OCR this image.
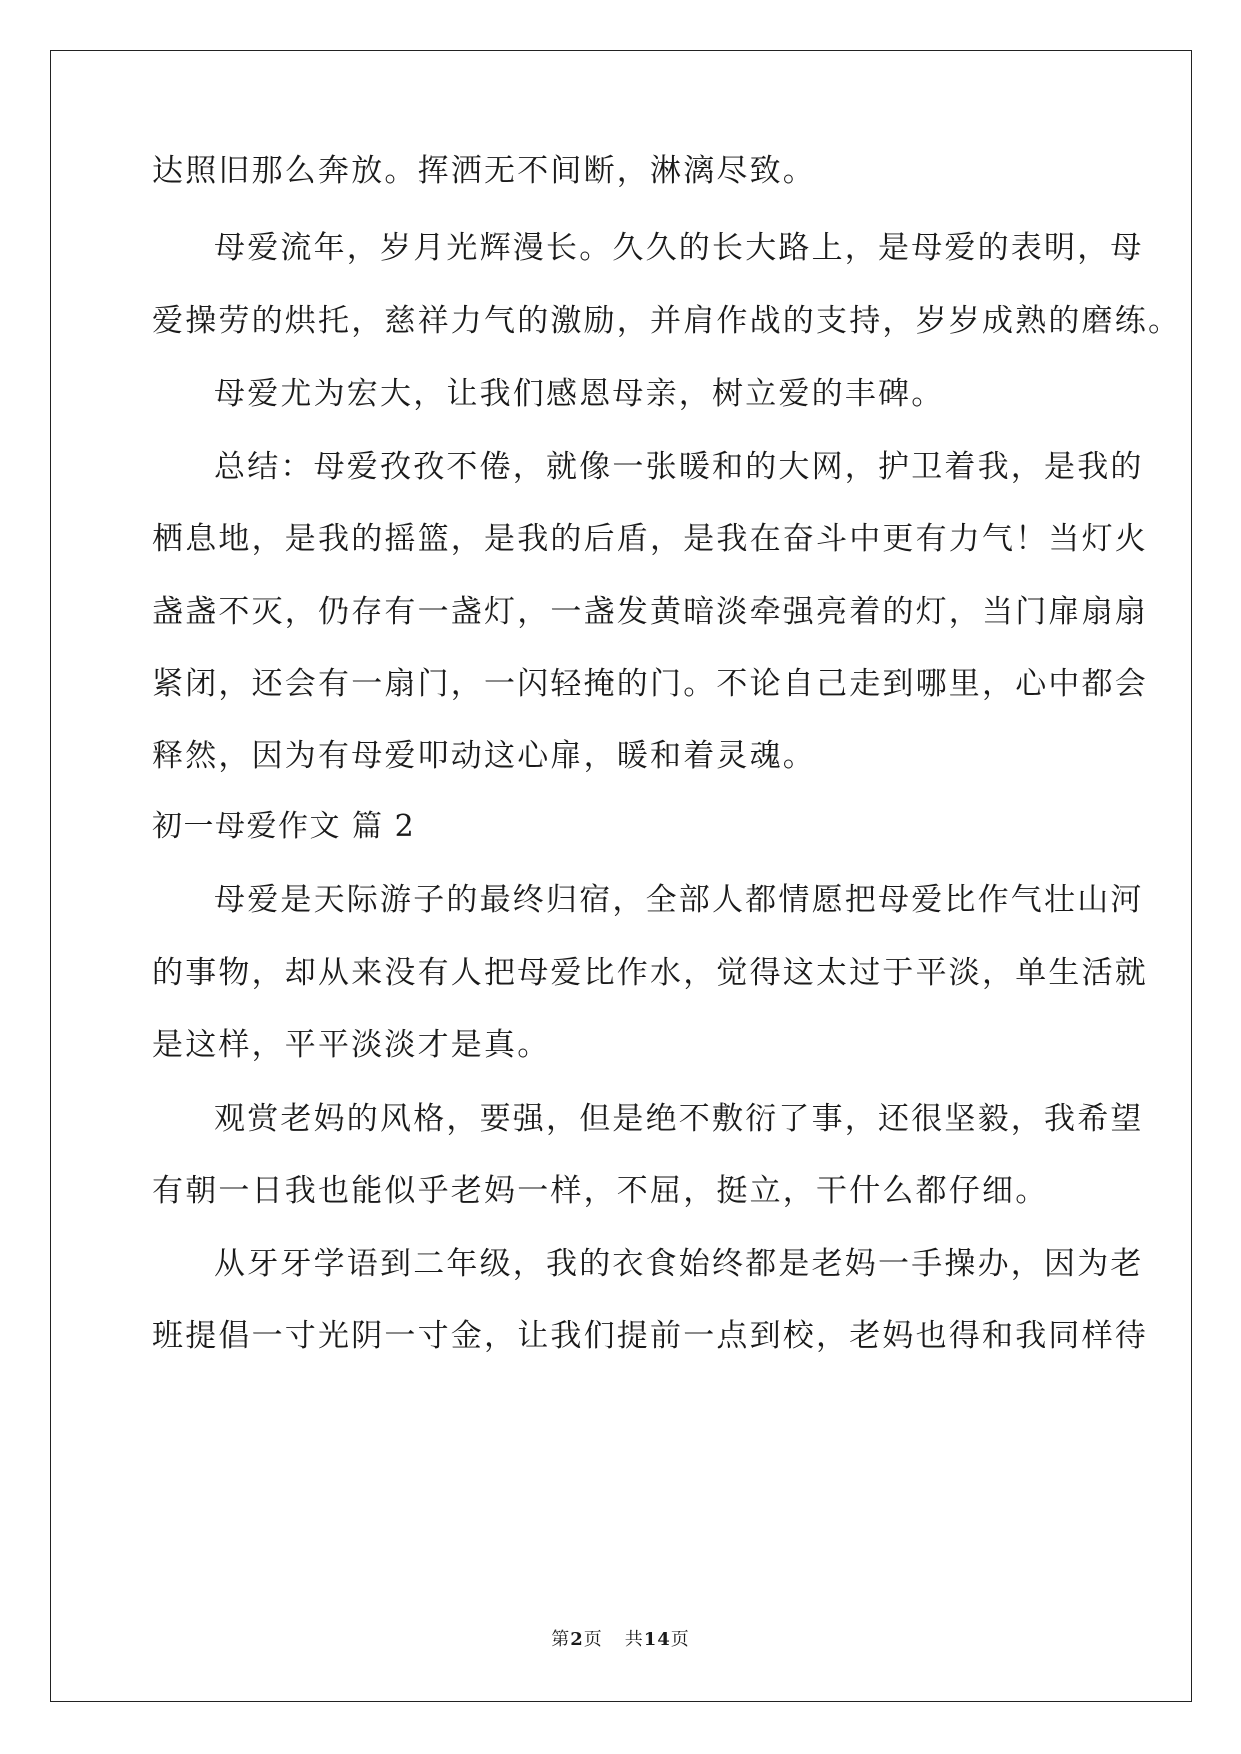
达照旧那么奔放。挥洒无不间断，淋漓尽致。
母爱流年，岁月光辉漫长。久久的长大路上，是母爱的表明，母
爱操劳的烘托，慈祥力气的激励，并肩作战的支持，岁岁成熟的磨练。
母爱尤为宏大，让我们感恩母亲，树立爱的丰碑。
总结：母爱孜孜不倦，就像一张暖和的大网，护卫着我，是我的
栖息地，是我的摇篮，是我的后盾，是我在奋斗中更有力气！当灯火
盏盏不灭，仍存有一盏灯，一盏发黄暗淡牵强亮着的灯，当门扉扇扇
紧闭，还会有一扇门，一闪轻掩的门。不论自己走到哪里，心中都会
释然，因为有母爱叩动这心扉，暖和着灵魂。
初一母爱作文 篇 2
母爱是天际游子的最终归宿，全部人都情愿把母爱比作气壮山河
的事物，却从来没有人把母爱比作水，觉得这太过于平淡，单生活就
是这样，平平淡淡才是真。
观赏老妈的风格，要强，但是绝不敷衍了事，还很坚毅，我希望
有朝一日我也能似乎老妈一样，不屈，挺立，干什么都仔细。
从牙牙学语到二年级，我的衣食始终都是老妈一手操办，因为老
班提倡一寸光阴一寸金，让我们提前一点到校，老妈也得和我同样待
第2页 共14页
